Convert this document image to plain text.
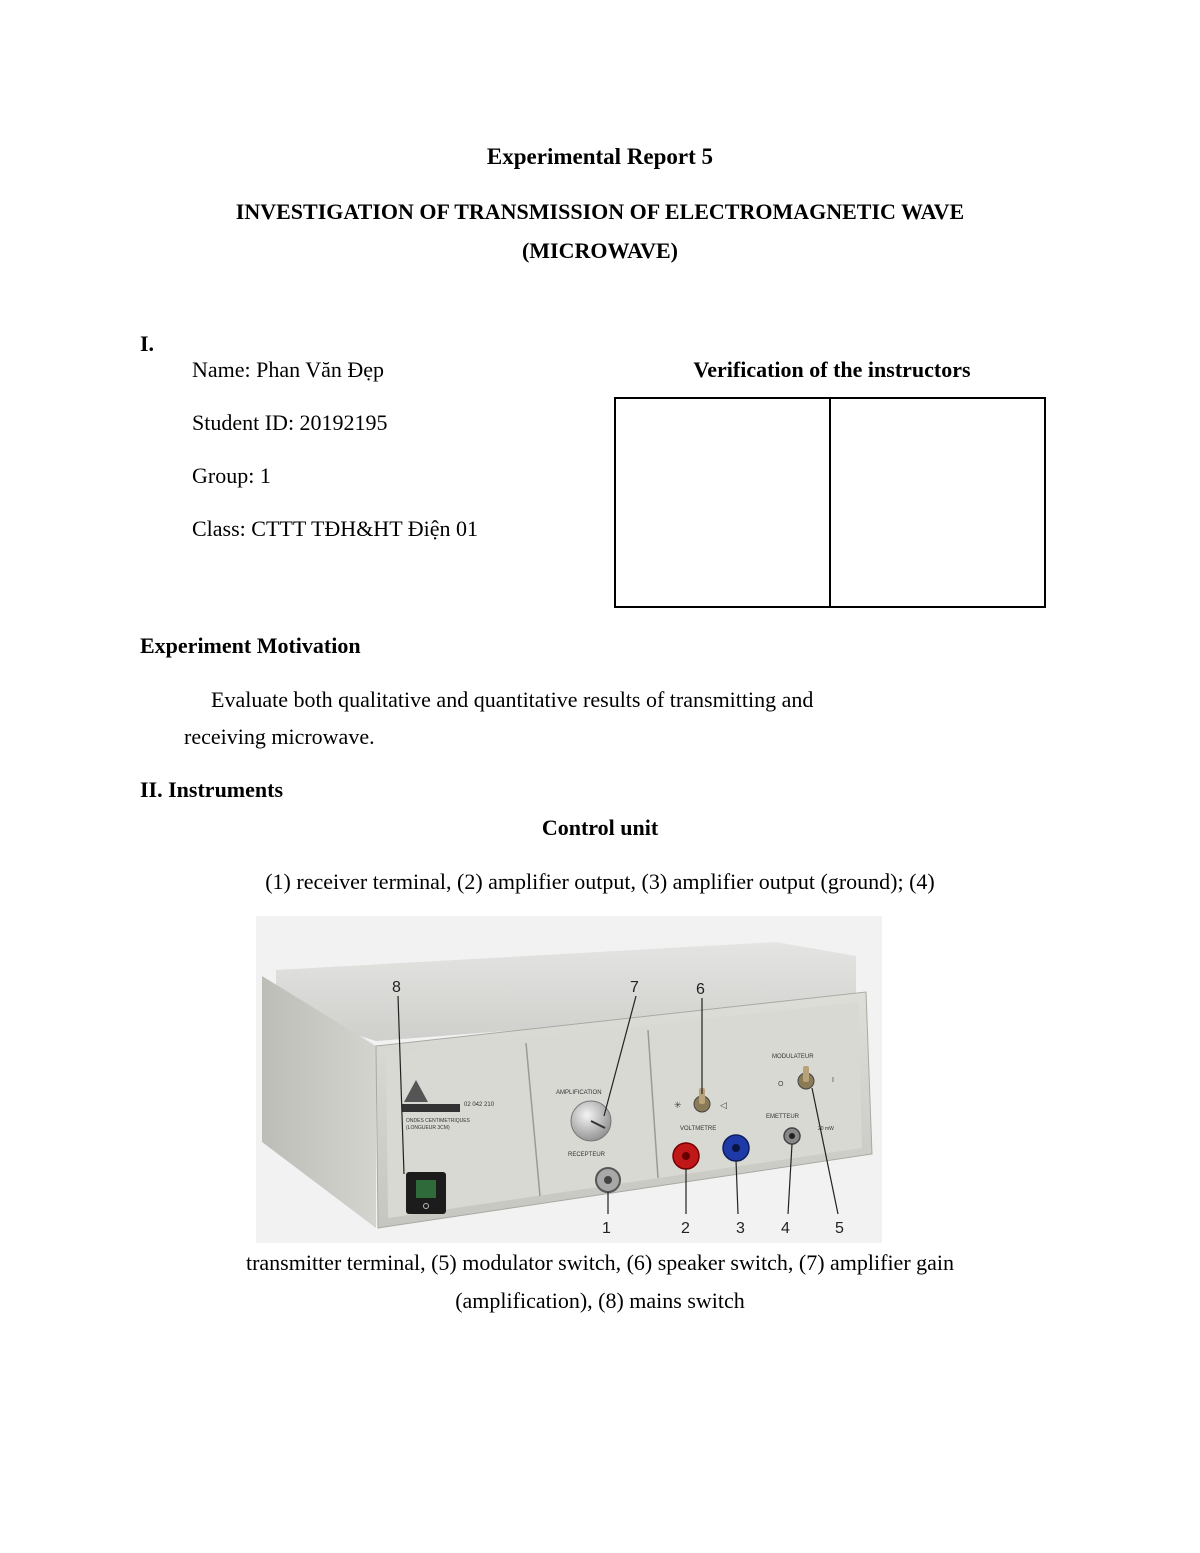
Experimental Report 5
INVESTIGATION OF TRANSMISSION OF ELECTROMAGNETIC WAVE
(MICROWAVE)
I.
Name: Phan Văn Đẹp
Student ID: 20192195
Group: 1
Class: CTTT TĐH&HT Điện 01
Verification of the instructors
Experiment Motivation
Evaluate both qualitative and quantitative results of transmitting and
receiving microwave.
II. Instruments
Control unit
(1) receiver terminal, (2) amplifier output, (3) amplifier output (ground); (4)
02 042 210
ONDES CENTIMETRIQUES
(LONGUEUR 3CM)
AMPLIFICATION
RECEPTEUR
✳	◁
VOLTMETRE
EMETTEUR
20 mW
MODULATEUR
O
I
8	7	6
1	2	3 4	5
transmitter terminal, (5) modulator switch, (6) speaker switch, (7) amplifier gain
(amplification), (8) mains switch
